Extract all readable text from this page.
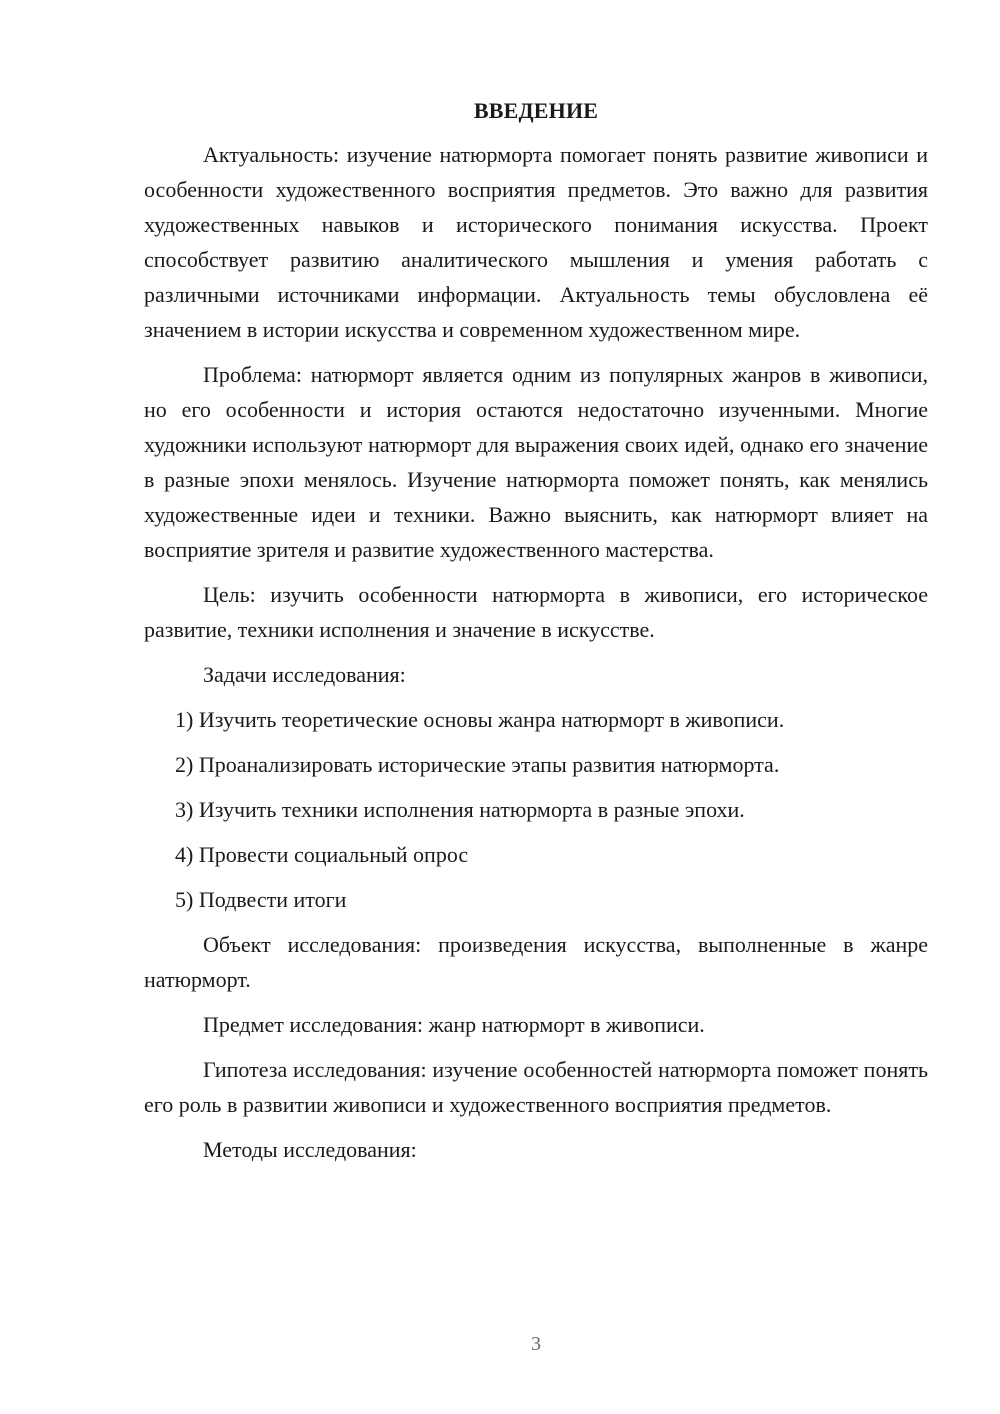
ВВЕДЕНИЕ

Актуальность: изучение натюрморта помогает понять развитие живописи и особенности художественного восприятия предметов. Это важно для развития художественных навыков и исторического понимания искусства. Проект способствует развитию аналитического мышления и умения работать с различными источниками информации. Актуальность темы обусловлена её значением в истории искусства и современном художественном мире.

Проблема: натюрморт является одним из популярных жанров в живописи, но его особенности и история остаются недостаточно изученными. Многие художники используют натюрморт для выражения своих идей, однако его значение в разные эпохи менялось. Изучение натюрморта поможет понять, как менялись художественные идеи и техники. Важно выяснить, как натюрморт влияет на восприятие зрителя и развитие художественного мастерства.

Цель: изучить особенности натюрморта в живописи, его историческое развитие, техники исполнения и значение в искусстве.

Задачи исследования:

1) Изучить теоретические основы жанра натюрморт в живописи.

2) Проанализировать исторические этапы развития натюрморта.

3) Изучить техники исполнения натюрморта в разные эпохи.

4) Провести социальный опрос

5) Подвести итоги

Объект исследования: произведения искусства, выполненные в жанре натюрморт.

Предмет исследования: жанр натюрморт в живописи.

Гипотеза исследования: изучение особенностей натюрморта поможет понять его роль в развитии живописи и художественного восприятия предметов.

Методы исследования:

3
